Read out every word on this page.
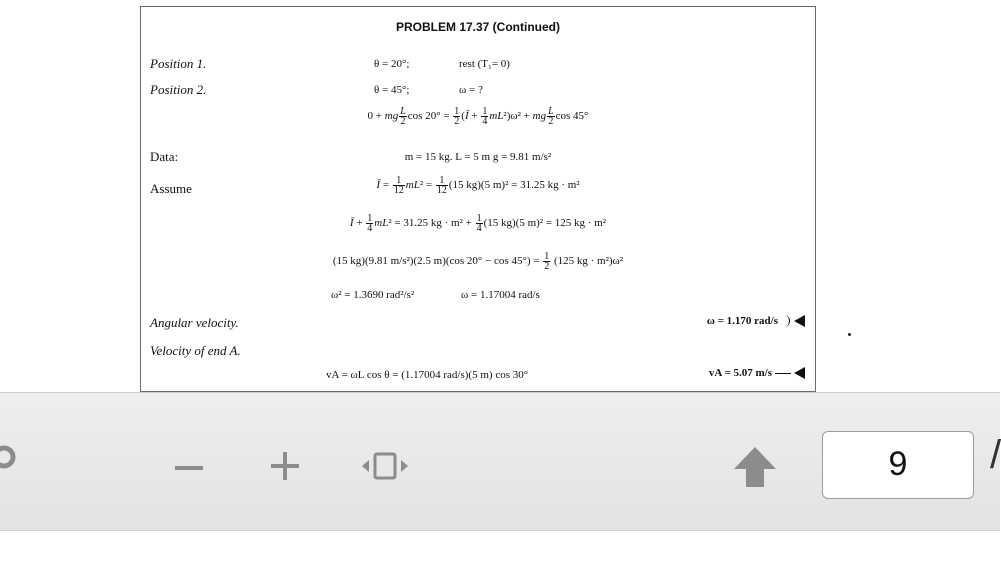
PROBLEM 17.37 (Continued)
Position 1.	θ = 20°;	rest (T₁= 0)
Position 2.	θ = 45°;	ω = ?
0 + mg $\frac{L}{2}$ $\cos 20^\circ = \frac{1}{2}$ (Ī + $\frac{1}{4} mL^2)\omega^2$ + mg $\frac{L}{2}$ cos 45°
Data:	m = 15 kg. L = 5 m g = 9.81 m/s²
Assume	Ī = $\frac{1}{12} mL^2 = \frac{1}{12} (15$ kg)(5 m)² = 31.25 kg · m²
Ī + $\frac{1}{4} mL^2 = 31.25$ kg · $m^2 + \frac{1}{4} (15$ kg)(5 m)² = 125 kg · m²
(15 kg)(9.81 m/s²)(2.5 m)(cos $20^\circ - \cos 45^\circ) = \frac{1}{2} (125$ kg · m²)ω²
ω² = 1.3690 rad²/s²	ω = 1.17004 rad/s
Angular velocity.	ω = 1.170 rad/s
Velocity of end A.
vA = ωL cos θ = (1.17004 rad/s)(5 m) cos 30°	vA = 5.07 m/s
9	/
